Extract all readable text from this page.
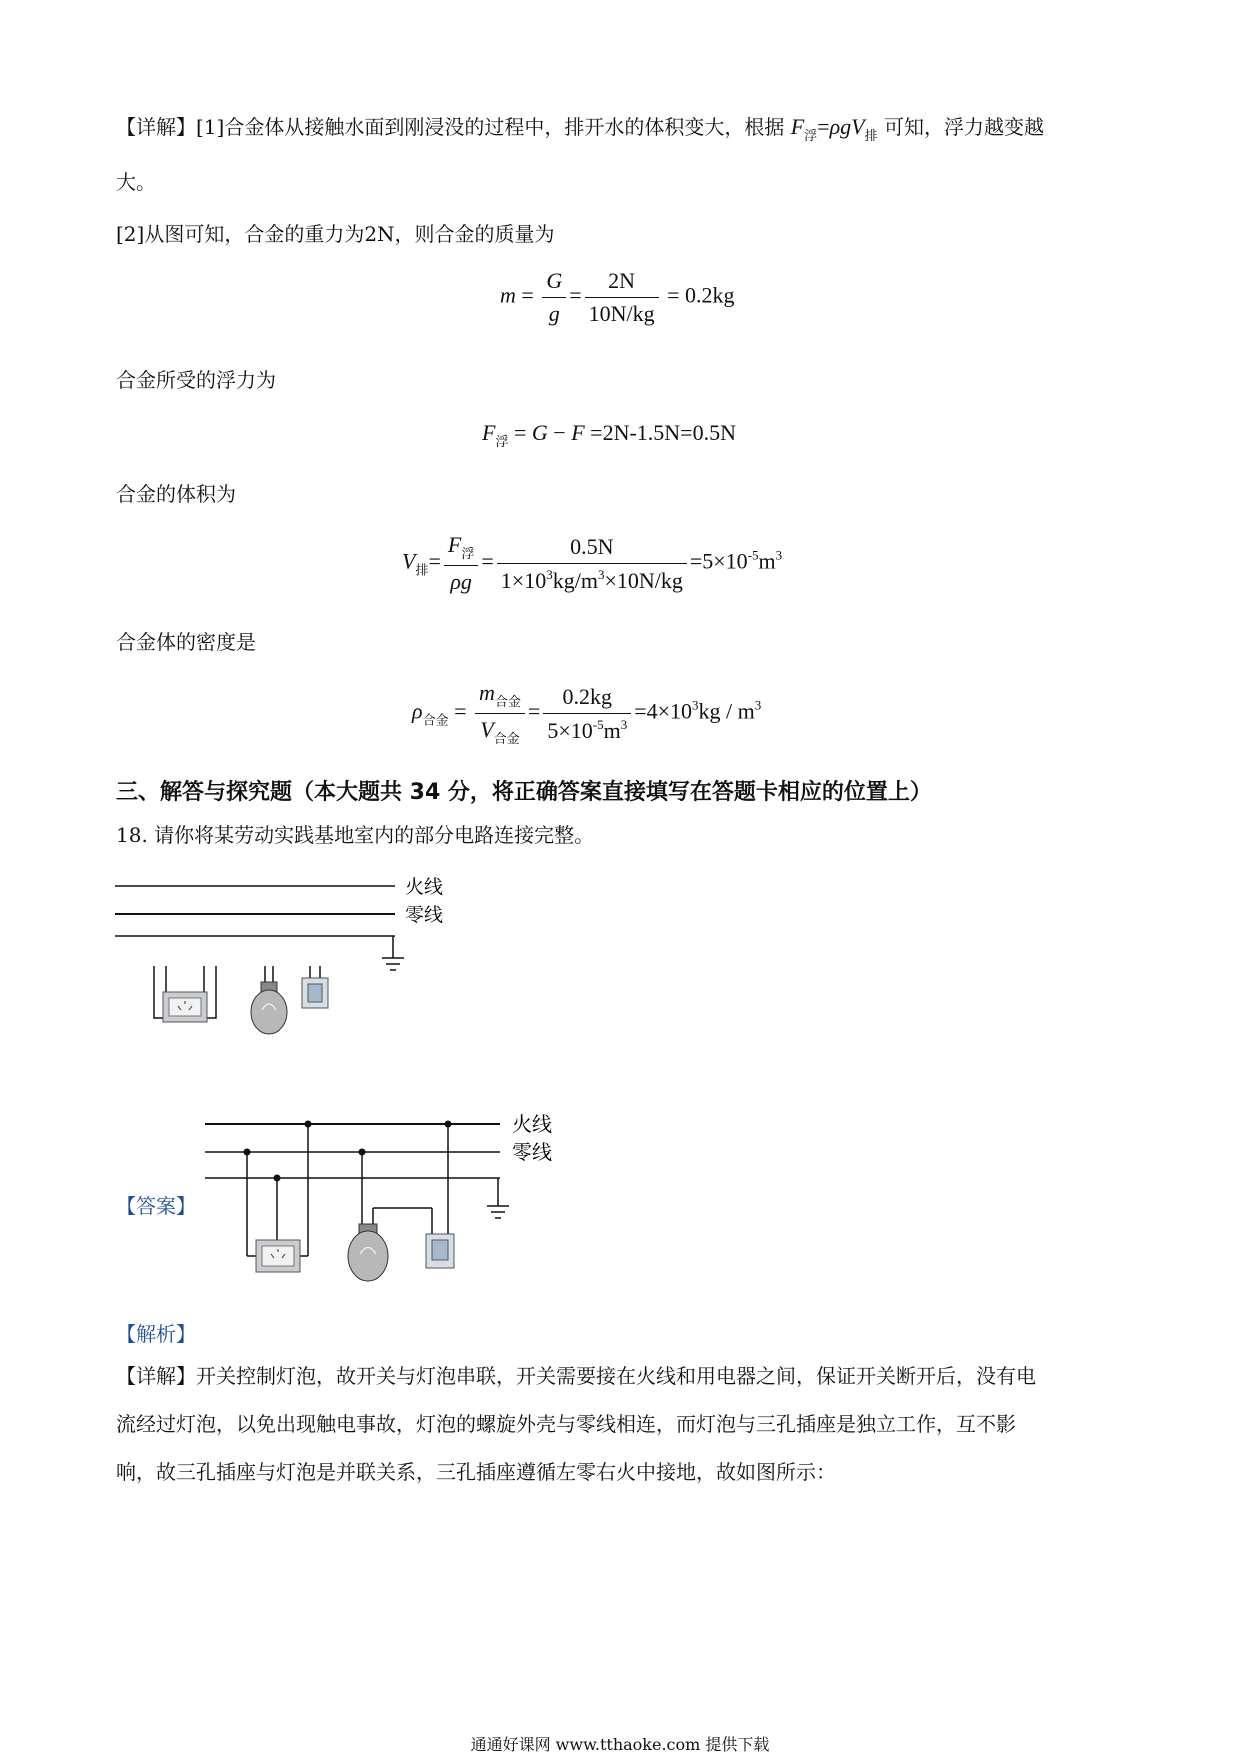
【详解】[1]合金体从接触水面到刚浸没的过程中，排开水的体积变大，根据 $F_浮=\rho gV_排$ 可知，浮力越变越
大。
[2]从图可知，合金的重力为2N，则合金的质量为
$m = \frac{G}{g} = \frac{2N}{10N/kg} = 0.2kg$
合金所受的浮力为
$F_浮 = G - F =2N-1.5N=0.5N$
合金的体积为
$V_排= \frac{F_浮}{\rho g} = \frac{0.5N}{1\times 10^3kg/m^3\times 10N/kg} =5\times 10^{-5}m^3$
合金体的密度是
$\rho_{合金} = \frac{m_{合金}}{V_{合金}} = \frac{0.2kg}{5\times 10^{-5}m^3} =4\times 10^3kg / m^3$
三、解答与探究题（本大题共 34 分，将正确答案直接填写在答题卡相应的位置上）
18. 请你将某劳动实践基地室内的部分电路连接完整。
火线
零线
【答案】
火线
零线
【解析】
【详解】开关控制灯泡，故开关与灯泡串联，开关需要接在火线和用电器之间，保证开关断开后，没有电
流经过灯泡，以免出现触电事故，灯泡的螺旋外壳与零线相连，而灯泡与三孔插座是独立工作，互不影
响，故三孔插座与灯泡是并联关系，三孔插座遵循左零右火中接地，故如图所示：
通通好课网 www.tthaoke.com 提供下载
